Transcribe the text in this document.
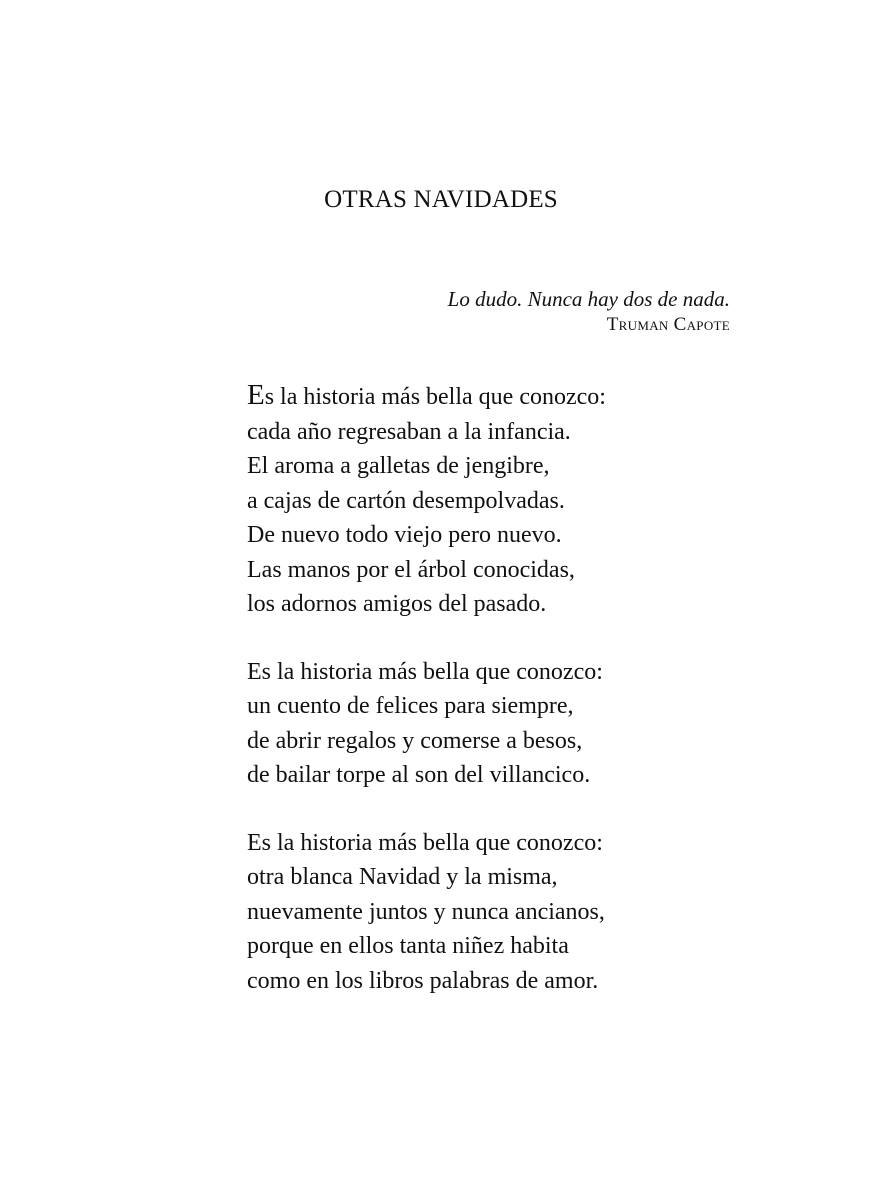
OTRAS NAVIDADES
Lo dudo. Nunca hay dos de nada.
Truman Capote
Es la historia más bella que conozco:
cada año regresaban a la infancia.
El aroma a galletas de jengibre,
a cajas de cartón desempolvadas.
De nuevo todo viejo pero nuevo.
Las manos por el árbol conocidas,
los adornos amigos del pasado.
Es la historia más bella que conozco:
un cuento de felices para siempre,
de abrir regalos y comerse a besos,
de bailar torpe al son del villancico.
Es la historia más bella que conozco:
otra blanca Navidad y la misma,
nuevamente juntos y nunca ancianos,
porque en ellos tanta niñez habita
como en los libros palabras de amor.
